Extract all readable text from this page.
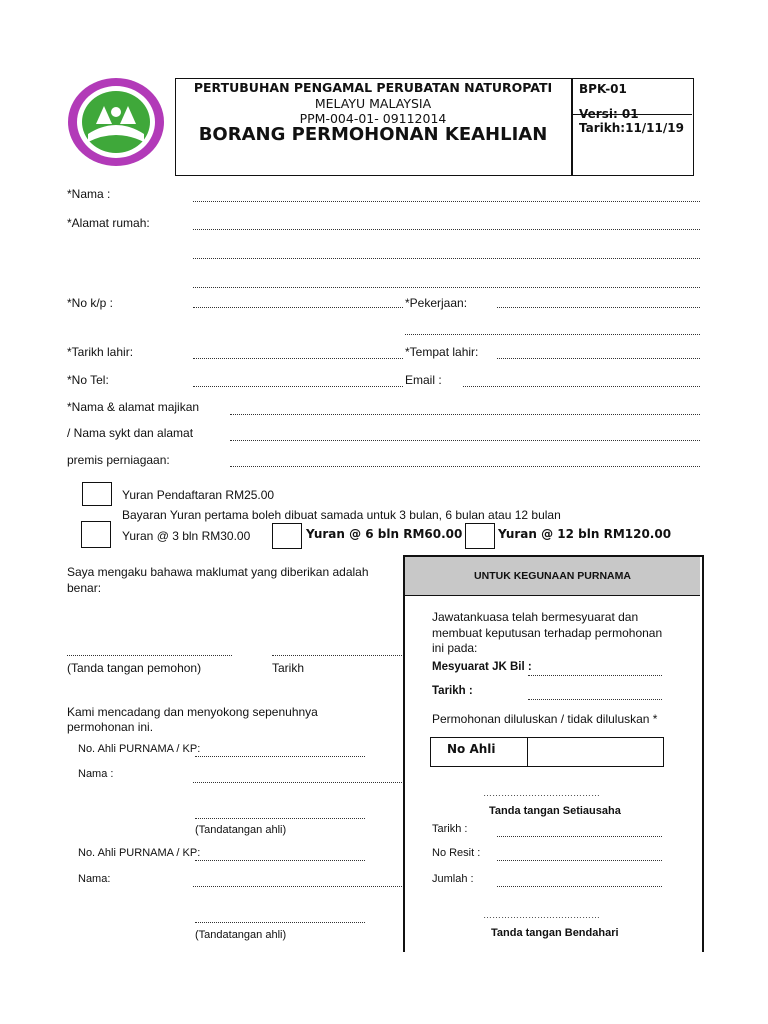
PERTUBUHAN PENGAMAL PERUBATAN NATUROPATI
MELAYU MALAYSIA
PPM-004-01- 09112014
BORANG PERMOHONAN KEAHLIAN
BPK-01
Versi: 01
Tarikh:11/11/19
*Nama :
*Alamat rumah:
*No k/p :	*Pekerjaan:
*Tarikh lahir:	*Tempat lahir:
*No Tel:	Email :
*Nama & alamat majikan
/ Nama sykt dan alamat
premis perniagaan:
Yuran Pendaftaran RM25.00
Bayaran Yuran pertama boleh dibuat samada untuk 3 bulan, 6 bulan atau 12 bulan
Yuran @ 3 bln RM30.00	Yuran @ 6 bln RM60.00	Yuran @ 12 bln RM120.00
Saya mengaku bahawa maklumat yang diberikan adalah
benar:
(Tanda tangan pemohon)	Tarikh
Kami mencadang dan menyokong sepenuhnya
permohonan ini.
No. Ahli PURNAMA / KP:
Nama :
(Tandatangan ahli)
No. Ahli PURNAMA / KP:
Nama:
(Tandatangan ahli)
UNTUK KEGUNAAN PURNAMA
Jawatankuasa telah bermesyuarat dan
membuat keputusan terhadap permohonan
ini pada:
Mesyuarat JK Bil :
Tarikh :
Permohonan diluluskan / tidak diluluskan *
No Ahli
…………………………………
Tanda tangan Setiausaha
Tarikh :
No Resit :
Jumlah :
…………………………………
Tanda tangan Bendahari
